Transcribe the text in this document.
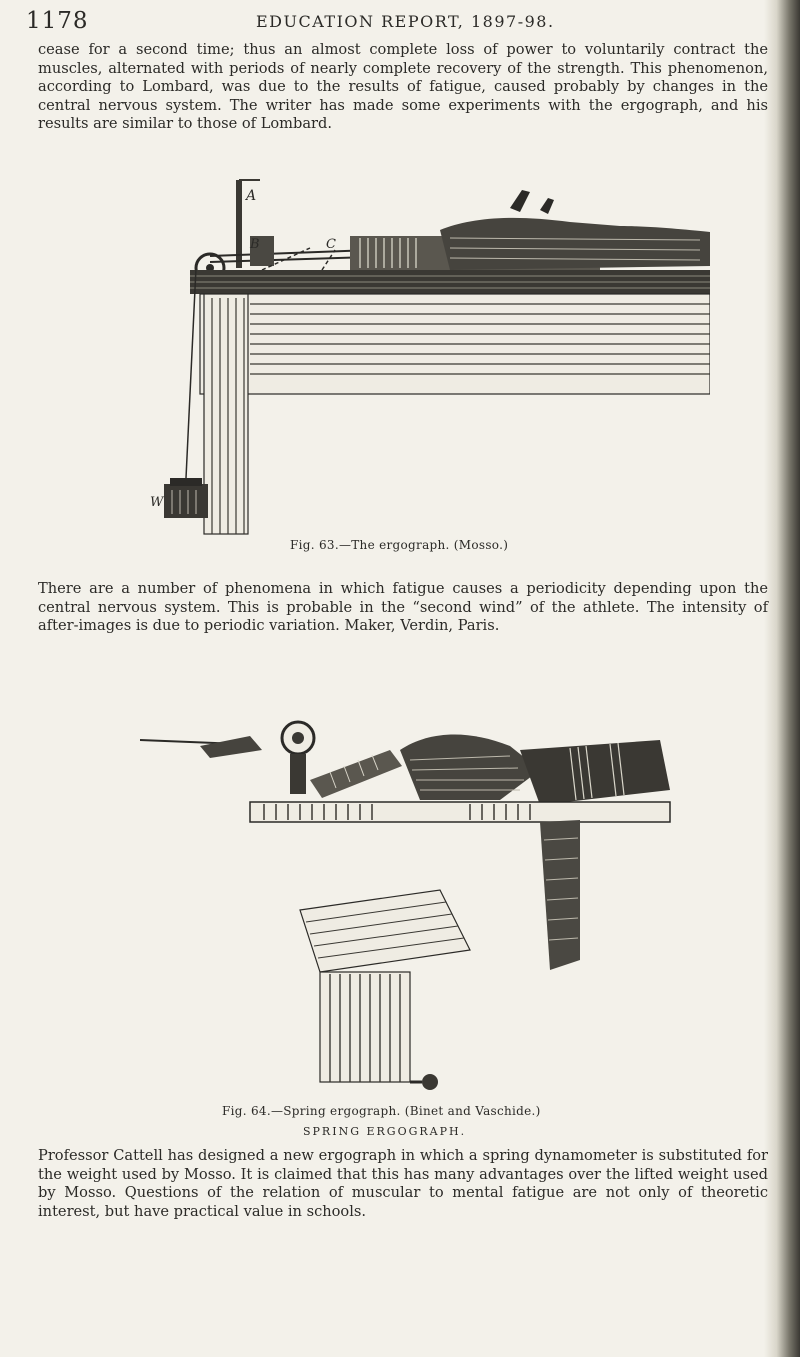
1178	EDUCATION REPORT, 1897-98.

cease for a second time; thus an almost complete loss of power to voluntarily contract the muscles, alternated with periods of nearly complete recovery of the strength. This phenomenon, according to Lombard, was due to the results of fatigue, caused probably by changes in the central nervous system. The writer has made some experiments with the ergograph, and his results are similar to those of Lombard.

A
B	C
W
Fig. 63.—The ergograph. (Mosso.)

There are a number of phenomena in which fatigue causes a periodicity depending upon the central nervous system. This is probable in the “second wind” of the athlete. The intensity of after-images is due to periodic variation. Maker, Verdin, Paris.

Fig. 64.—Spring ergograph. (Binet and Vaschide.)
SPRING ERGOGRAPH.

Professor Cattell has designed a new ergograph in which a spring dynamometer is substituted for the weight used by Mosso. It is claimed that this has many advantages over the lifted weight used by Mosso. Questions of the relation of muscular to mental fatigue are not only of theoretic interest, but have practical value in schools.
